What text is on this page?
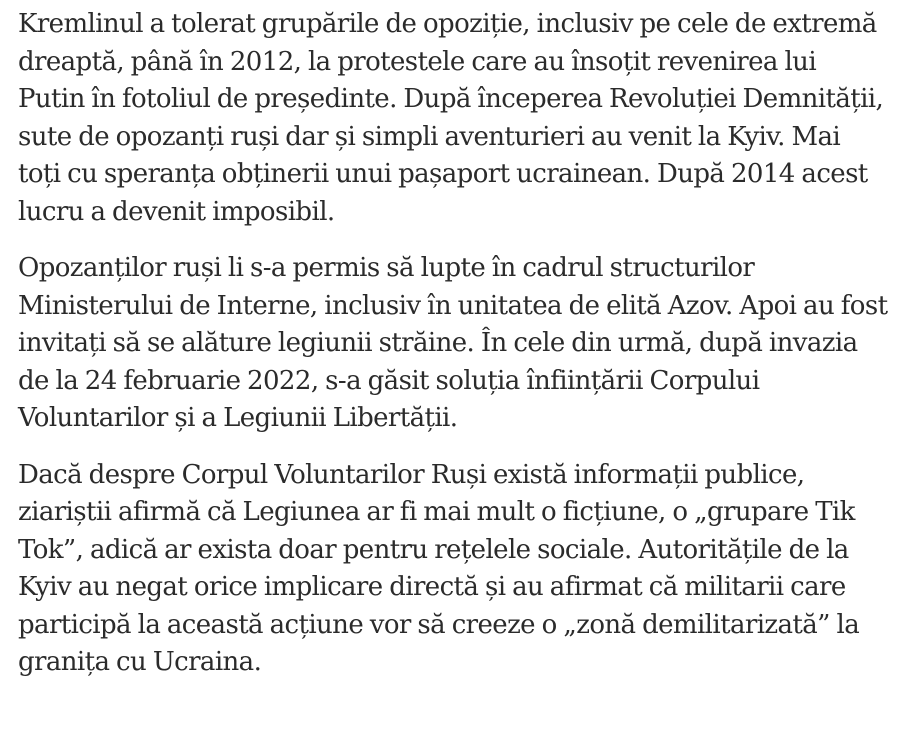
Kremlinul a tolerat grupările de opoziție, inclusiv pe cele de extremă dreaptă, până în 2012, la protestele care au însoțit revenirea lui Putin în fotoliul de președinte. După începerea Revoluției Demnității, sute de opozanți ruși dar și simpli aventurieri au venit la Kyiv. Mai toți cu speranța obținerii unui pașaport ucrainean. După 2014 acest lucru a devenit imposibil.

Opozanților ruși li s-a permis să lupte în cadrul structurilor Ministerului de Interne, inclusiv în unitatea de elită Azov. Apoi au fost invitați să se alăture legiunii străine. În cele din urmă, după invazia de la 24 februarie 2022, s-a găsit soluția înființării Corpului Voluntarilor și a Legiunii Libertății.

Dacă despre Corpul Voluntarilor Ruși există informații publice, ziariștii afirmă că Legiunea ar fi mai mult o ficțiune, o „grupare Tik Tok”, adică ar exista doar pentru rețelele sociale. Autoritățile de la Kyiv au negat orice implicare directă și au afirmat că militarii care participă la această acțiune vor să creeze o „zonă demilitarizată” la granița cu Ucraina.
